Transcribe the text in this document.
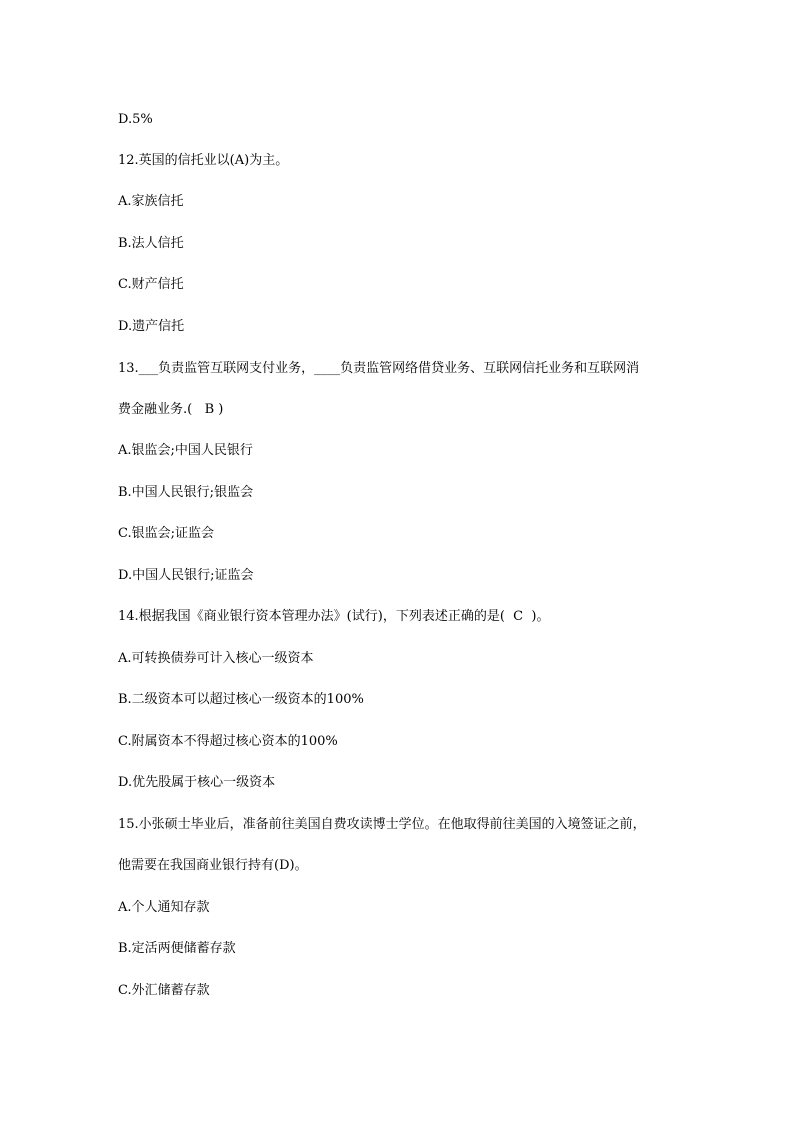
D.5%
12.英国的信托业以(A)为主。
A.家族信托
B.法人信托
C.财产信托
D.遗产信托
13.___负责监管互联网支付业务，____负责监管网络借贷业务、互联网信托业务和互联网消
费金融业务.(   B )
A.银监会;中国人民银行
B.中国人民银行;银监会
C.银监会;证监会
D.中国人民银行;证监会
14.根据我国《商业银行资本管理办法》(试行)，下列表述正确的是(  C  )。
A.可转换债券可计入核心一级资本
B.二级资本可以超过核心一级资本的100%
C.附属资本不得超过核心资本的100%
D.优先股属于核心一级资本
15.小张硕士毕业后，准备前往美国自费攻读博士学位。在他取得前往美国的入境签证之前，
他需要在我国商业银行持有(D)。
A.个人通知存款
B.定活两便储蓄存款
C.外汇储蓄存款
